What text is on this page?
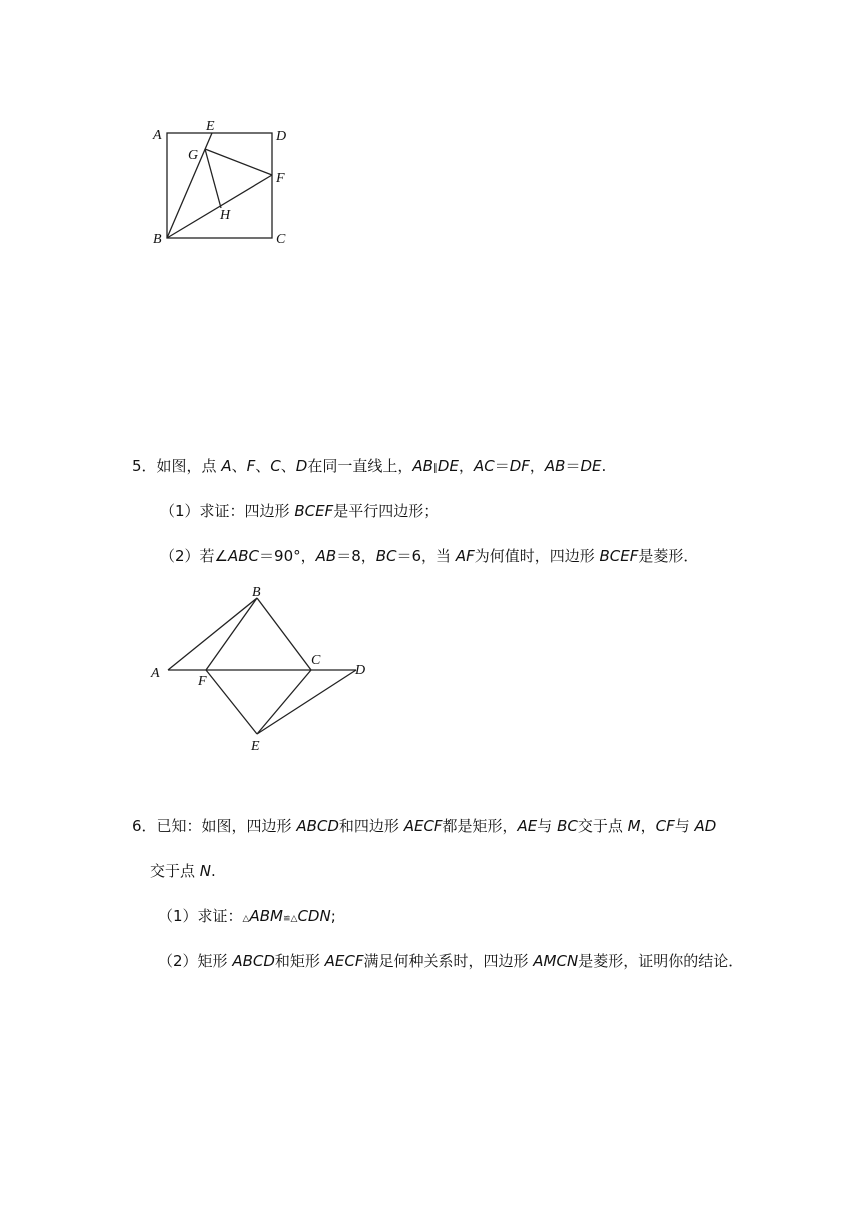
A
E
D
G
F
H
B	C
5．如图，点 A、F、C、D在同一直线上，AB∥DE，AC＝DF，AB＝DE.
（1）求证：四边形 BCEF是平行四边形；
（2）若∠ABC＝90°，AB＝8，BC＝6，当 AF为何值时，四边形 BCEF是菱形．
B
A
F
C
D
E
6．已知：如图，四边形 ABCD和四边形 AECF都是矩形，AE与 BC交于点 M，CF与 AD
交于点 N.
（1）求证：△ABM≌△CDN;
（2）矩形 ABCD和矩形 AECF满足何种关系时，四边形 AMCN是菱形，证明你的结论．
